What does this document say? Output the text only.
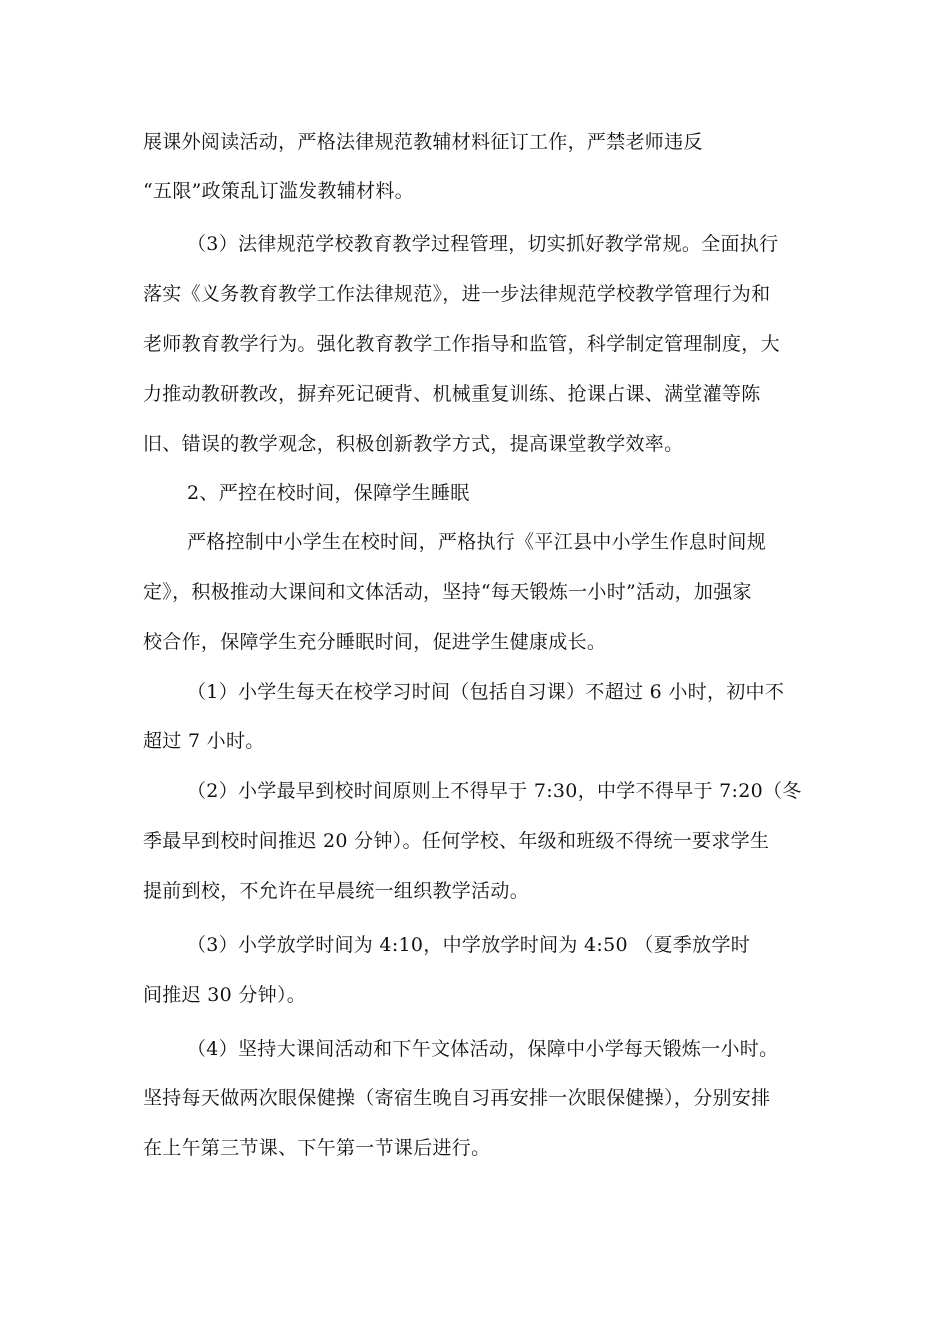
展课外阅读活动，严格法律规范教辅材料征订工作，严禁老师违反
“五限”政策乱订滥发教辅材料。
（3）法律规范学校教育教学过程管理，切实抓好教学常规。全面执行
落实《义务教育教学工作法律规范》，进一步法律规范学校教学管理行为和
老师教育教学行为。强化教育教学工作指导和监管，科学制定管理制度，大
力推动教研教改，摒弃死记硬背、机械重复训练、抢课占课、满堂灌等陈
旧、错误的教学观念，积极创新教学方式，提高课堂教学效率。
2、严控在校时间，保障学生睡眠
严格控制中小学生在校时间，严格执行《平江县中小学生作息时间规
定》，积极推动大课间和文体活动，坚持“每天锻炼一小时”活动，加强家
校合作，保障学生充分睡眠时间，促进学生健康成长。
（1）小学生每天在校学习时间（包括自习课）不超过 6 小时，初中不
超过 7 小时。
（2）小学最早到校时间原则上不得早于 7:30，中学不得早于 7:20（冬
季最早到校时间推迟 20 分钟）。任何学校、年级和班级不得统一要求学生
提前到校，不允许在早晨统一组织教学活动。
（3）小学放学时间为 4:10，中学放学时间为 4:50 （夏季放学时
间推迟 30 分钟）。
（4）坚持大课间活动和下午文体活动，保障中小学每天锻炼一小时。
坚持每天做两次眼保健操（寄宿生晚自习再安排一次眼保健操），分别安排
在上午第三节课、下午第一节课后进行。
